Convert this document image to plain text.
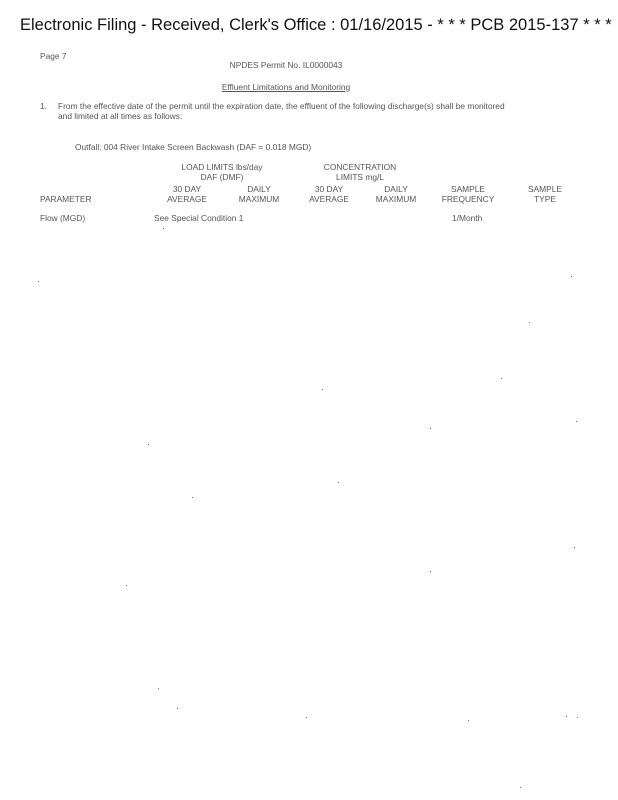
Electronic Filing - Received, Clerk's Office : 01/16/2015 - * * * PCB 2015-137 * * *
Page 7
NPDES Permit No. IL0000043
Effluent Limitations and Monitoring
1. From the effective date of the permit until the expiration date, the effluent of the following discharge(s) shall be monitored
and limited at all times as follows:
Outfall: 004 River Intake Screen Backwash (DAF = 0.018 MGD)
LOAD LIMITS lbs/day
DAF (DMF)
CONCENTRATION
LIMITS mg/L
PARAMETER
30 DAY
AVERAGE
DAILY
MAXIMUM
30 DAY
AVERAGE
DAILY
MAXIMUM
SAMPLE
FREQUENCY
SAMPLE
TYPE
Flow (MGD)	See Special Condition 1	1/Month
